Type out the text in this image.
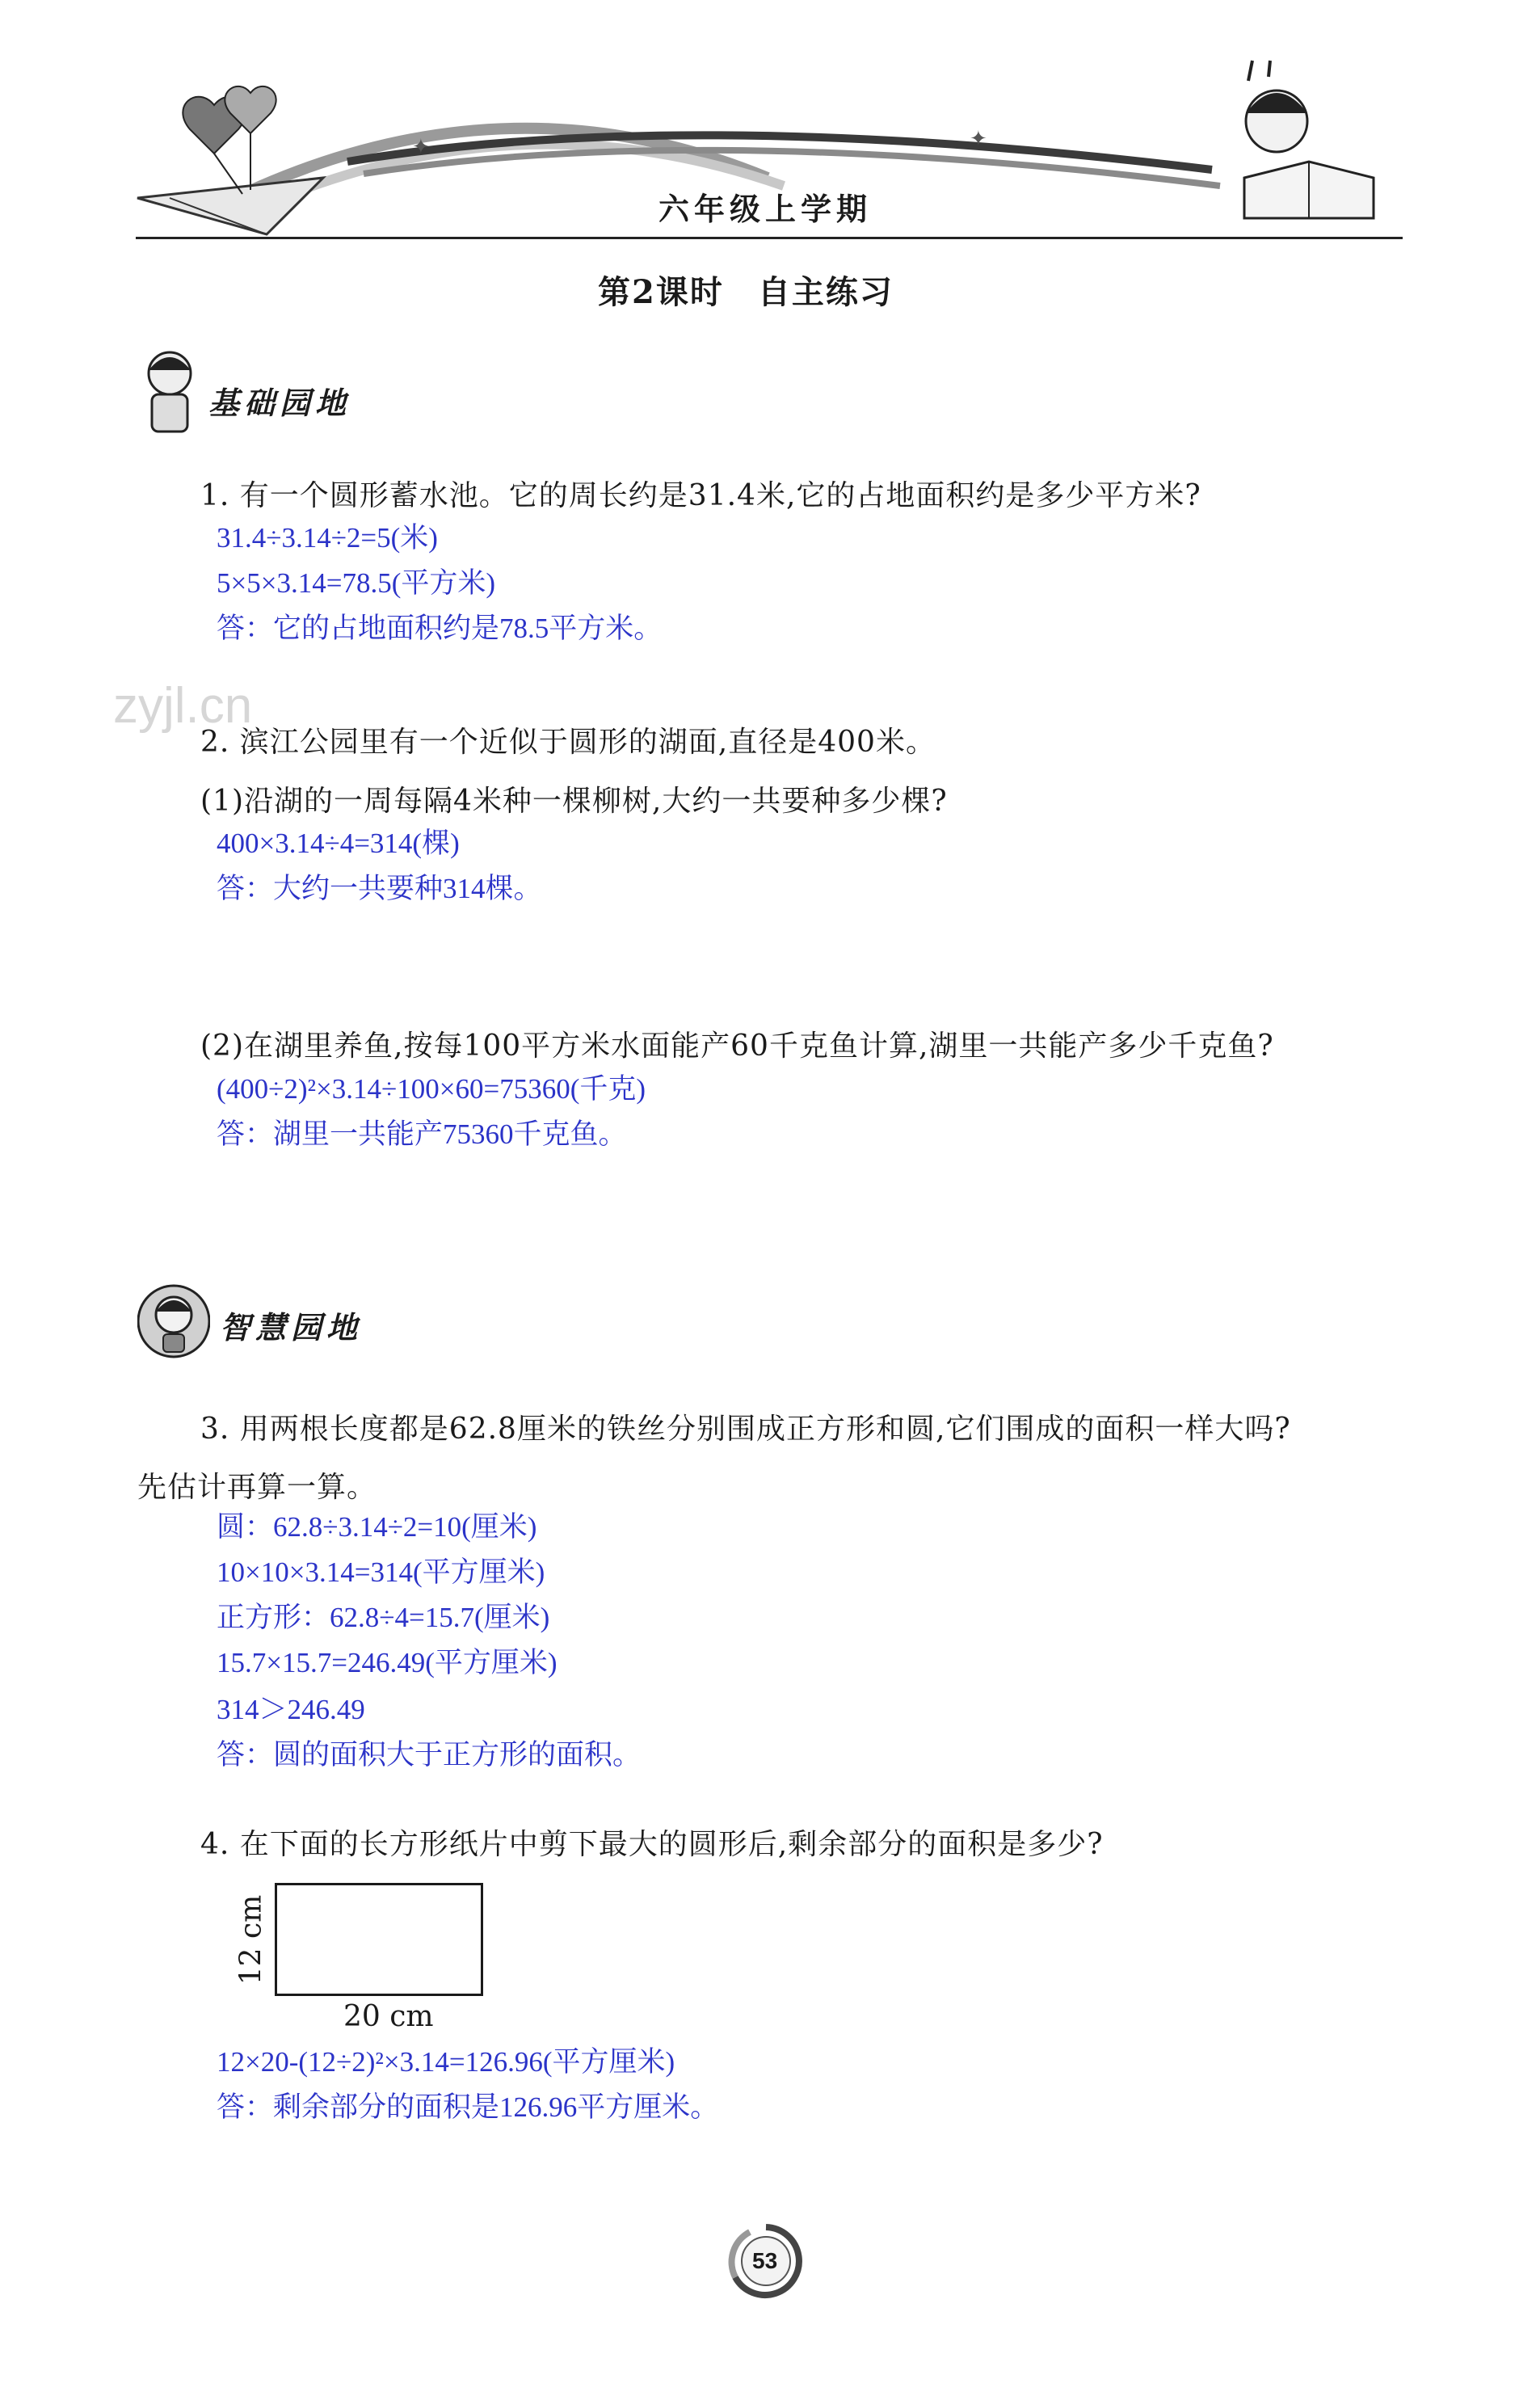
✦	✦
六年级上学期
第2课时　自主练习
基础园地
1. 有一个圆形蓄水池。它的周长约是31.4米,它的占地面积约是多少平方米?
31.4÷3.14÷2=5(米)
5×5×3.14=78.5(平方米)
答：它的占地面积约是78.5平方米。
zyjl.cn
2. 滨江公园里有一个近似于圆形的湖面,直径是400米。
(1)沿湖的一周每隔4米种一棵柳树,大约一共要种多少棵?
400×3.14÷4=314(棵)
答：大约一共要种314棵。
(2)在湖里养鱼,按每100平方米水面能产60千克鱼计算,湖里一共能产多少千克鱼?
(400÷2)²×3.14÷100×60=75360(千克)
答：湖里一共能产75360千克鱼。
智慧园地
3. 用两根长度都是62.8厘米的铁丝分别围成正方形和圆,它们围成的面积一样大吗?
先估计再算一算。
圆：62.8÷3.14÷2=10(厘米)
10×10×3.14=314(平方厘米)
正方形：62.8÷4=15.7(厘米)
15.7×15.7=246.49(平方厘米)
314＞246.49
答：圆的面积大于正方形的面积。
4. 在下面的长方形纸片中剪下最大的圆形后,剩余部分的面积是多少?
12 cm
20 cm
12×20-(12÷2)²×3.14=126.96(平方厘米)
答：剩余部分的面积是126.96平方厘米。
53
